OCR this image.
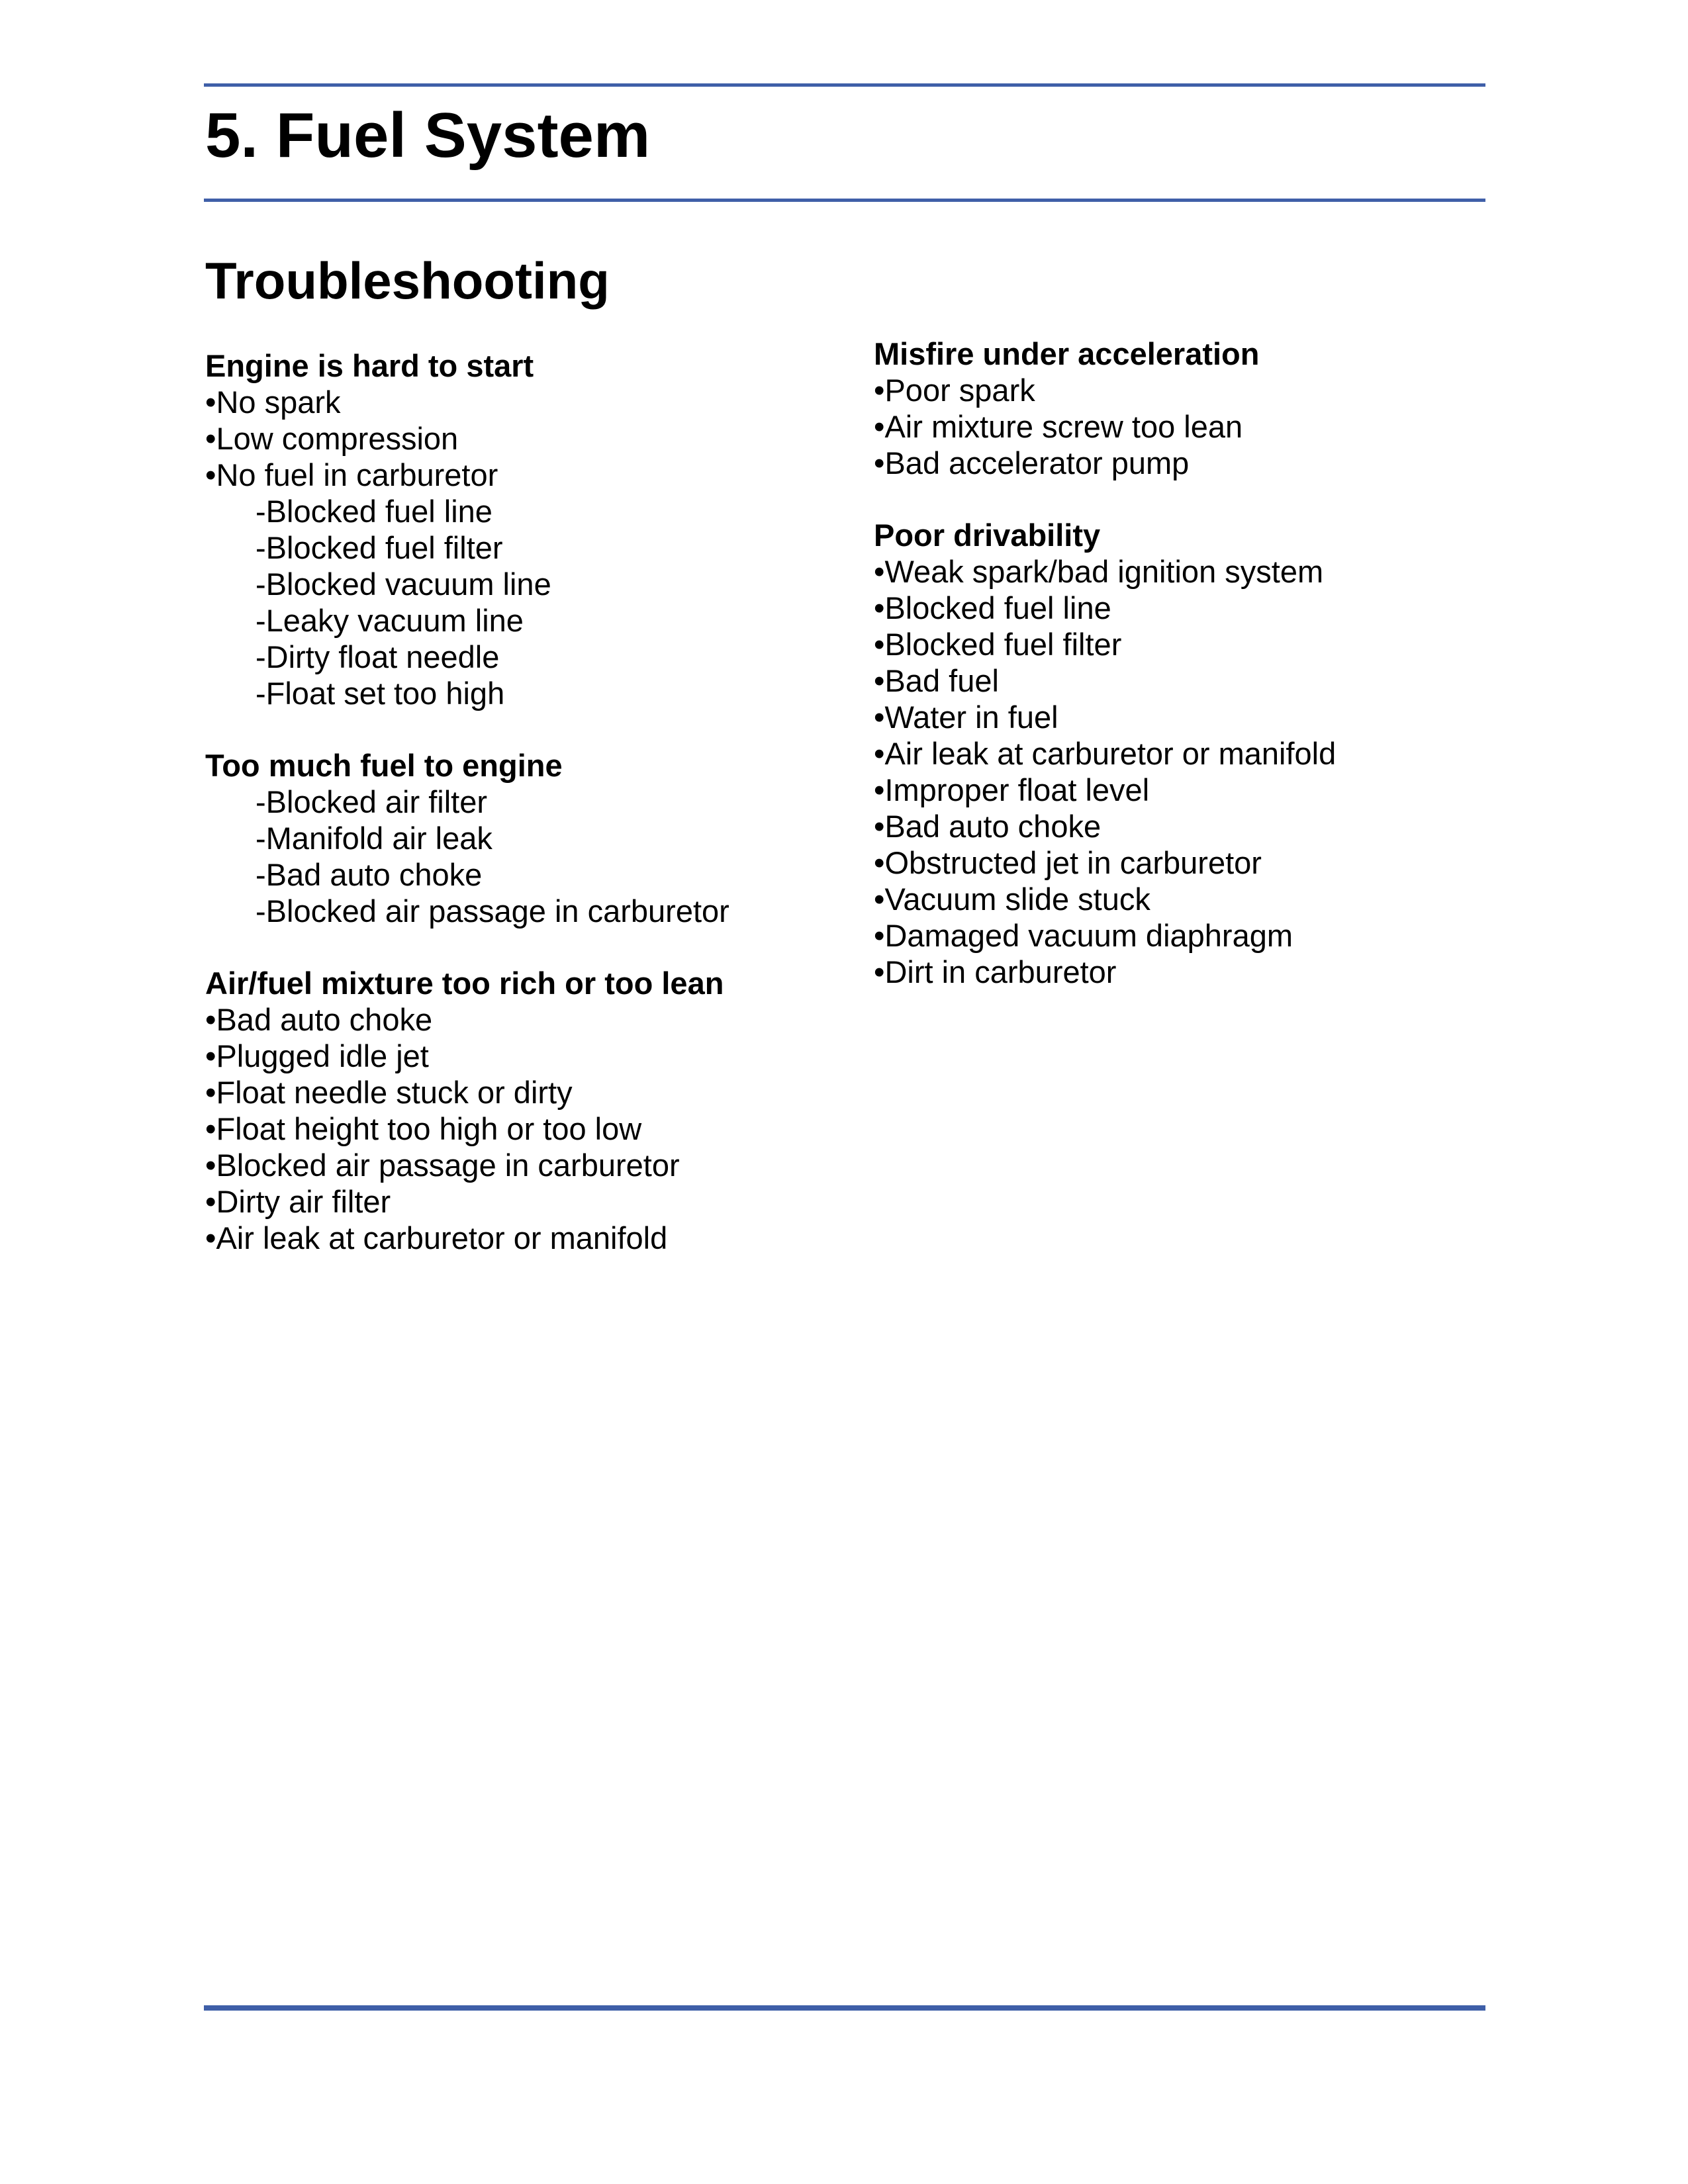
5. Fuel System
Troubleshooting
Engine is hard to start
•No spark
•Low compression
•No fuel in carburetor
-Blocked fuel line
-Blocked fuel filter
-Blocked vacuum line
-Leaky vacuum line
-Dirty float needle
-Float set too high
Too much fuel to engine
-Blocked air filter
-Manifold air leak
-Bad auto choke
-Blocked air passage in carburetor
Air/fuel mixture too rich or too lean
•Bad auto choke
•Plugged idle jet
•Float needle stuck or dirty
•Float height too high or too low
•Blocked air passage in carburetor
•Dirty air filter
•Air leak at carburetor or manifold
Misfire under acceleration
•Poor spark
•Air mixture screw too lean
•Bad accelerator pump
Poor drivability
•Weak spark/bad ignition system
•Blocked fuel line
•Blocked fuel filter
•Bad fuel
•Water in fuel
•Air leak at carburetor or manifold
•Improper float level
•Bad auto choke
•Obstructed jet in carburetor
•Vacuum slide stuck
•Damaged vacuum diaphragm
•Dirt in carburetor
